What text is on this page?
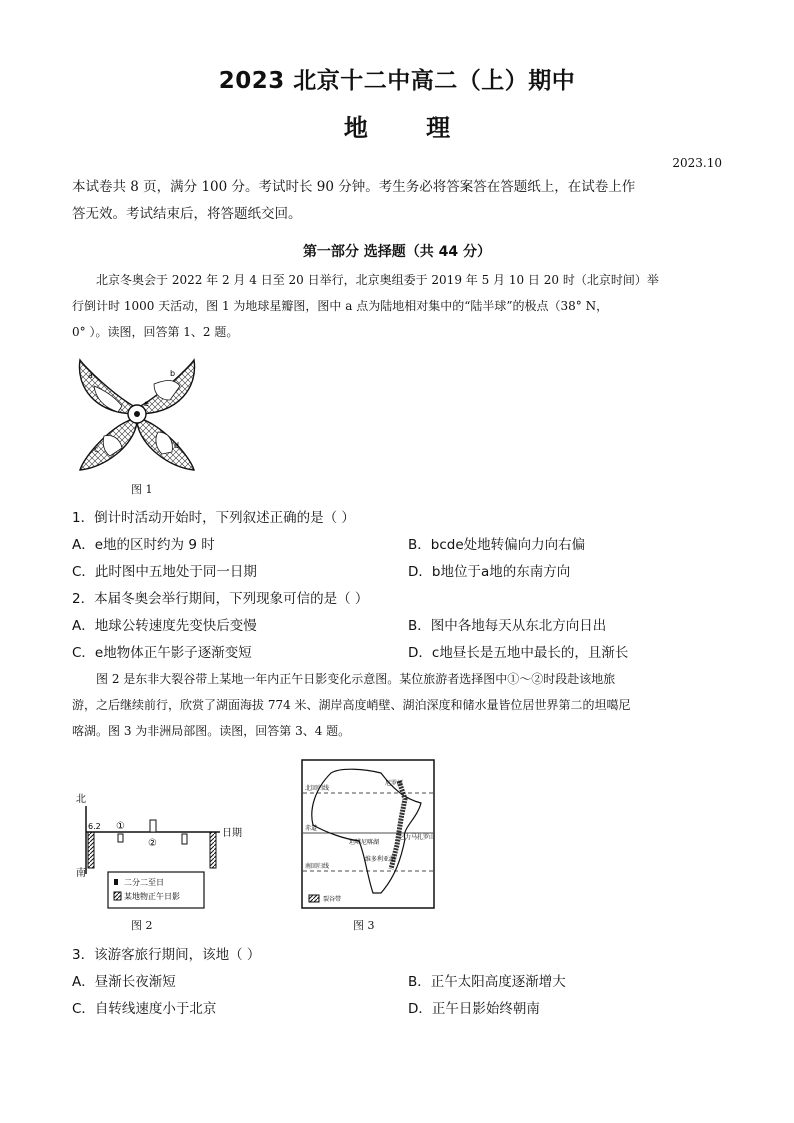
2023 北京十二中高二（上）期中
地 理
2023.10
本试卷共 8 页，满分 100 分。考试时长 90 分钟。考生务必将答案答在答题纸上，在试卷上作
答无效。考试结束后，将答题纸交回。
第一部分 选择题（共 44 分）
北京冬奥会于 2022 年 2 月 4 日至 20 日举行，北京奥组委于 2019 年 5 月 10 日 20 时（北京时间）举
行倒计时 1000 天活动，图 1 为地球星瓣图，图中 a 点为陆地相对集中的“陆半球”的极点（38° N，
0° ）。读图，回答第 1、2 题。
a	b
c	d
e
图 1
1．倒计时活动开始时，下列叙述正确的是（ ）
A．e地的区时约为 9 时	B．bcde处地转偏向力向右偏
C．此时图中五地处于同一日期	D．b地位于a地的东南方向
2．本届冬奥会举行期间，下列现象可信的是（ ）
A．地球公转速度先变快后变慢	B．图中各地每天从东北方向日出
C．e地物体正午影子逐渐变短	D．c地昼长是五地中最长的，且渐长
图 2 是东非大裂谷带上某地一年内正午日影变化示意图。某位旅游者选择图中①～②时段赴该地旅
游，之后继续前行，欣赏了湖面海拔 774 米、湖岸高度峭壁、湖泊深度和储水量皆位居世界第二的坦噶尼
喀湖。图 3 为非洲局部图。读图，回答第 3、4 题。
北
南
日期
6.2 ①
②
二分二至日
某地物正午日影
图 2
北回归线
赤道
坦噶尼喀湖
南回归线
乞力马扎罗山
维多利亚湖
尼罗河
裂谷带
图 3
3．该游客旅行期间，该地（ ）
A．昼渐长夜渐短	B．正午太阳高度逐渐增大
C．自转线速度小于北京	D．正午日影始终朝南
